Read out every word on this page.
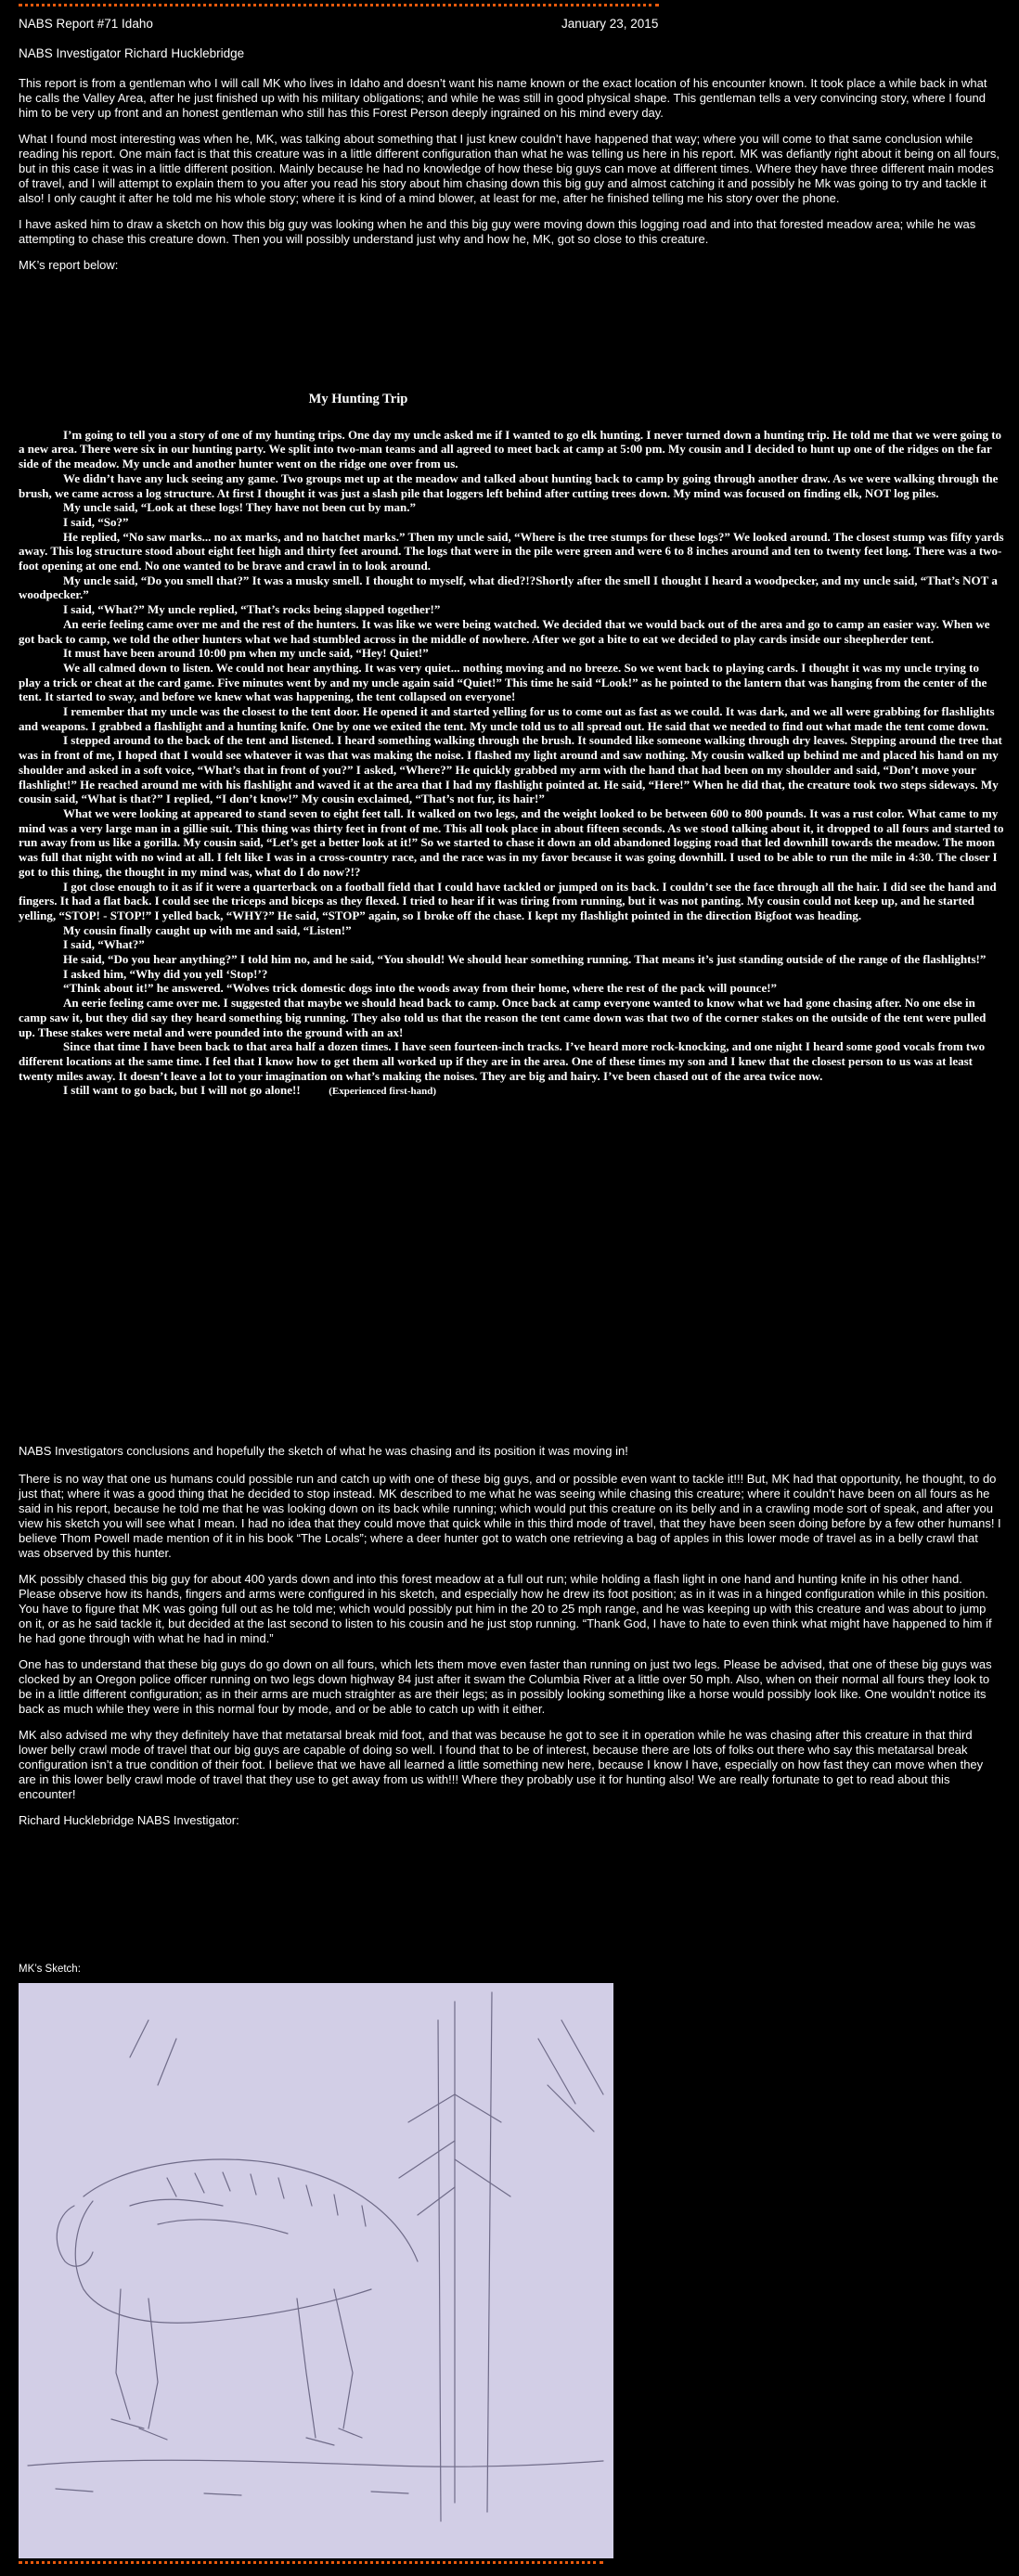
NABS Report #71 Idaho	January 23, 2015
NABS Investigator Richard Hucklebridge

This report is from a gentleman who I will call MK who lives in Idaho and doesn’t want his name known or the exact location of his encounter known. It took place a while back in what he calls the Valley Area, after he just finished up with his military obligations; and while he was still in good physical shape. This gentleman tells a very convincing story, where I found him to be very up front and an honest gentleman who still has this Forest Person deeply ingrained on his mind every day.

What I found most interesting was when he, MK, was talking about something that I just knew couldn’t have happened that way; where you will come to that same conclusion while reading his report. One main fact is that this creature was in a little different configuration than what he was telling us here in his report. MK was defiantly right about it being on all fours, but in this case it was in a little different position. Mainly because he had no knowledge of how these big guys can move at different times. Where they have three different main modes of travel, and I will attempt to explain them to you after you read his story about him chasing down this big guy and almost catching it and possibly he Mk was going to try and tackle it also! I only caught it after he told me his whole story; where it is kind of a mind blower, at least for me, after he finished telling me his story over the phone.

I have asked him to draw a sketch on how this big guy was looking when he and this big guy were moving down this logging road and into that forested meadow area; while he was attempting to chase this creature down. Then you will possibly understand just why and how he, MK, got so close to this creature.

MK’s report below:

My Hunting Trip

I’m going to tell you a story of one of my hunting trips. One day my uncle asked me if I wanted to go elk hunting. I never turned down a hunting trip. He told me that we were going to a new area. There were six in our hunting party. We split into two-man teams and all agreed to meet back at camp at 5:00 pm. My cousin and I decided to hunt up one of the ridges on the far side of the meadow. My uncle and another hunter went on the ridge one over from us.

We didn’t have any luck seeing any game. Two groups met up at the meadow and talked about hunting back to camp by going through another draw. As we were walking through the brush, we came across a log structure. At first I thought it was just a slash pile that loggers left behind after cutting trees down. My mind was focused on finding elk, NOT log piles.

My uncle said, “Look at these logs! They have not been cut by man.”

I said, “So?”

He replied, “No saw marks... no ax marks, and no hatchet marks.” Then my uncle said, “Where is the tree stumps for these logs?” We looked around. The closest stump was fifty yards away. This log structure stood about eight feet high and thirty feet around. The logs that were in the pile were green and were 6 to 8 inches around and ten to twenty feet long. There was a two-foot opening at one end. No one wanted to be brave and crawl in to look around.

My uncle said, “Do you smell that?” It was a musky smell. I thought to myself, what died?!?Shortly after the smell I thought I heard a woodpecker, and my uncle said, “That’s NOT a woodpecker.”

I said, “What?” My uncle replied, “That’s rocks being slapped together!”

An eerie feeling came over me and the rest of the hunters. It was like we were being watched. We decided that we would back out of the area and go to camp an easier way. When we got back to camp, we told the other hunters what we had stumbled across in the middle of nowhere. After we got a bite to eat we decided to play cards inside our sheepherder tent.

It must have been around 10:00 pm when my uncle said, “Hey! Quiet!”

We all calmed down to listen. We could not hear anything. It was very quiet... nothing moving and no breeze. So we went back to playing cards. I thought it was my uncle trying to play a trick or cheat at the card game. Five minutes went by and my uncle again said “Quiet!” This time he said “Look!” as he pointed to the lantern that was hanging from the center of the tent. It started to sway, and before we knew what was happening, the tent collapsed on everyone!

I remember that my uncle was the closest to the tent door. He opened it and started yelling for us to come out as fast as we could. It was dark, and we all were grabbing for flashlights and weapons. I grabbed a flashlight and a hunting knife. One by one we exited the tent. My uncle told us to all spread out. He said that we needed to find out what made the tent come down.

I stepped around to the back of the tent and listened. I heard something walking through the brush. It sounded like someone walking through dry leaves. Stepping around the tree that was in front of me, I hoped that I would see whatever it was that was making the noise. I flashed my light around and saw nothing. My cousin walked up behind me and placed his hand on my shoulder and asked in a soft voice, “What’s that in front of you?” I asked, “Where?” He quickly grabbed my arm with the hand that had been on my shoulder and said, “Don’t move your flashlight!” He reached around me with his flashlight and waved it at the area that I had my flashlight pointed at. He said, “Here!” When he did that, the creature took two steps sideways. My cousin said, “What is that?” I replied, “I don’t know!” My cousin exclaimed, “That’s not fur, its hair!”

What we were looking at appeared to stand seven to eight feet tall. It walked on two legs, and the weight looked to be between 600 to 800 pounds. It was a rust color. What came to my mind was a very large man in a gillie suit. This thing was thirty feet in front of me. This all took place in about fifteen seconds. As we stood talking about it, it dropped to all fours and started to run away from us like a gorilla. My cousin said, “Let’s get a better look at it!” So we started to chase it down an old abandoned logging road that led downhill towards the meadow. The moon was full that night with no wind at all. I felt like I was in a cross-country race, and the race was in my favor because it was going downhill. I used to be able to run the mile in 4:30. The closer I got to this thing, the thought in my mind was, what do I do now?!?

I got close enough to it as if it were a quarterback on a football field that I could have tackled or jumped on its back. I couldn’t see the face through all the hair. I did see the hand and fingers. It had a flat back. I could see the triceps and biceps as they flexed. I tried to hear if it was tiring from running, but it was not panting. My cousin could not keep up, and he started yelling, “STOP! - STOP!” I yelled back, “WHY?” He said, “STOP” again, so I broke off the chase. I kept my flashlight pointed in the direction Bigfoot was heading.

My cousin finally caught up with me and said, “Listen!”

I said, “What?”

He said, “Do you hear anything?” I told him no, and he said, “You should! We should hear something running. That means it’s just standing outside of the range of the flashlights!”

I asked him, “Why did you yell ‘Stop!’?

“Think about it!” he answered. “Wolves trick domestic dogs into the woods away from their home, where the rest of the pack will pounce!”

An eerie feeling came over me. I suggested that maybe we should head back to camp. Once back at camp everyone wanted to know what we had gone chasing after. No one else in camp saw it, but they did say they heard something big running. They also told us that the reason the tent came down was that two of the corner stakes on the outside of the tent were pulled up. These stakes were metal and were pounded into the ground with an ax!

Since that time I have been back to that area half a dozen times. I have seen fourteen-inch tracks. I’ve heard more rock-knocking, and one night I heard some good vocals from two different locations at the same time. I feel that I know how to get them all worked up if they are in the area. One of these times my son and I knew that the closest person to us was at least twenty miles away. It doesn’t leave a lot to your imagination on what’s making the noises. They are big and hairy. I’ve been chased out of the area twice now.

I still want to go back, but I will not go alone!!	(Experienced first-hand)

NABS Investigators conclusions and hopefully the sketch of what he was chasing and its position it was moving in!

There is no way that one us humans could possible run and catch up with one of these big guys, and or possible even want to tackle it!!! But, MK had that opportunity, he thought, to do just that; where it was a good thing that he decided to stop instead. MK described to me what he was seeing while chasing this creature; where it couldn’t have been on all fours as he said in his report, because he told me that he was looking down on its back while running; which would put this creature on its belly and in a crawling mode sort of speak, and after you view his sketch you will see what I mean. I had no idea that they could move that quick while in this third mode of travel, that they have been seen doing before by a few other humans! I believe Thom Powell made mention of it in his book “The Locals”; where a deer hunter got to watch one retrieving a bag of apples in this lower mode of travel as in a belly crawl that was observed by this hunter.

MK possibly chased this big guy for about 400 yards down and into this forest meadow at a full out run; while holding a flash light in one hand and hunting knife in his other hand. Please observe how its hands, fingers and arms were configured in his sketch, and especially how he drew its foot position; as in it was in a hinged configuration while in this position. You have to figure that MK was going full out as he told me; which would possibly put him in the 20 to 25 mph range, and he was keeping up with this creature and was about to jump on it, or as he said tackle it, but decided at the last second to listen to his cousin and he just stop running. “Thank God, I have to hate to even think what might have happened to him if he had gone through with what he had in mind.”

One has to understand that these big guys do go down on all fours, which lets them move even faster than running on just two legs. Please be advised, that one of these big guys was clocked by an Oregon police officer running on two legs down highway 84 just after it swam the Columbia River at a little over 50 mph. Also, when on their normal all fours they look to be in a little different configuration; as in their arms are much straighter as are their legs; as in possibly looking something like a horse would possibly look like. One wouldn’t notice its back as much while they were in this normal four by mode, and or be able to catch up with it either.

MK also advised me why they definitely have that metatarsal break mid foot, and that was because he got to see it in operation while he was chasing after this creature in that third lower belly crawl mode of travel that our big guys are capable of doing so well. I found that to be of interest, because there are lots of folks out there who say this metatarsal break configuration isn’t a true condition of their foot. I believe that we have all learned a little something new here, because I know I have, especially on how fast they can move when they are in this lower belly crawl mode of travel that they use to get away from us with!!! Where they probably use it for hunting also! We are really fortunate to get to read about this encounter!

Richard Hucklebridge NABS Investigator:

MK’s Sketch:
